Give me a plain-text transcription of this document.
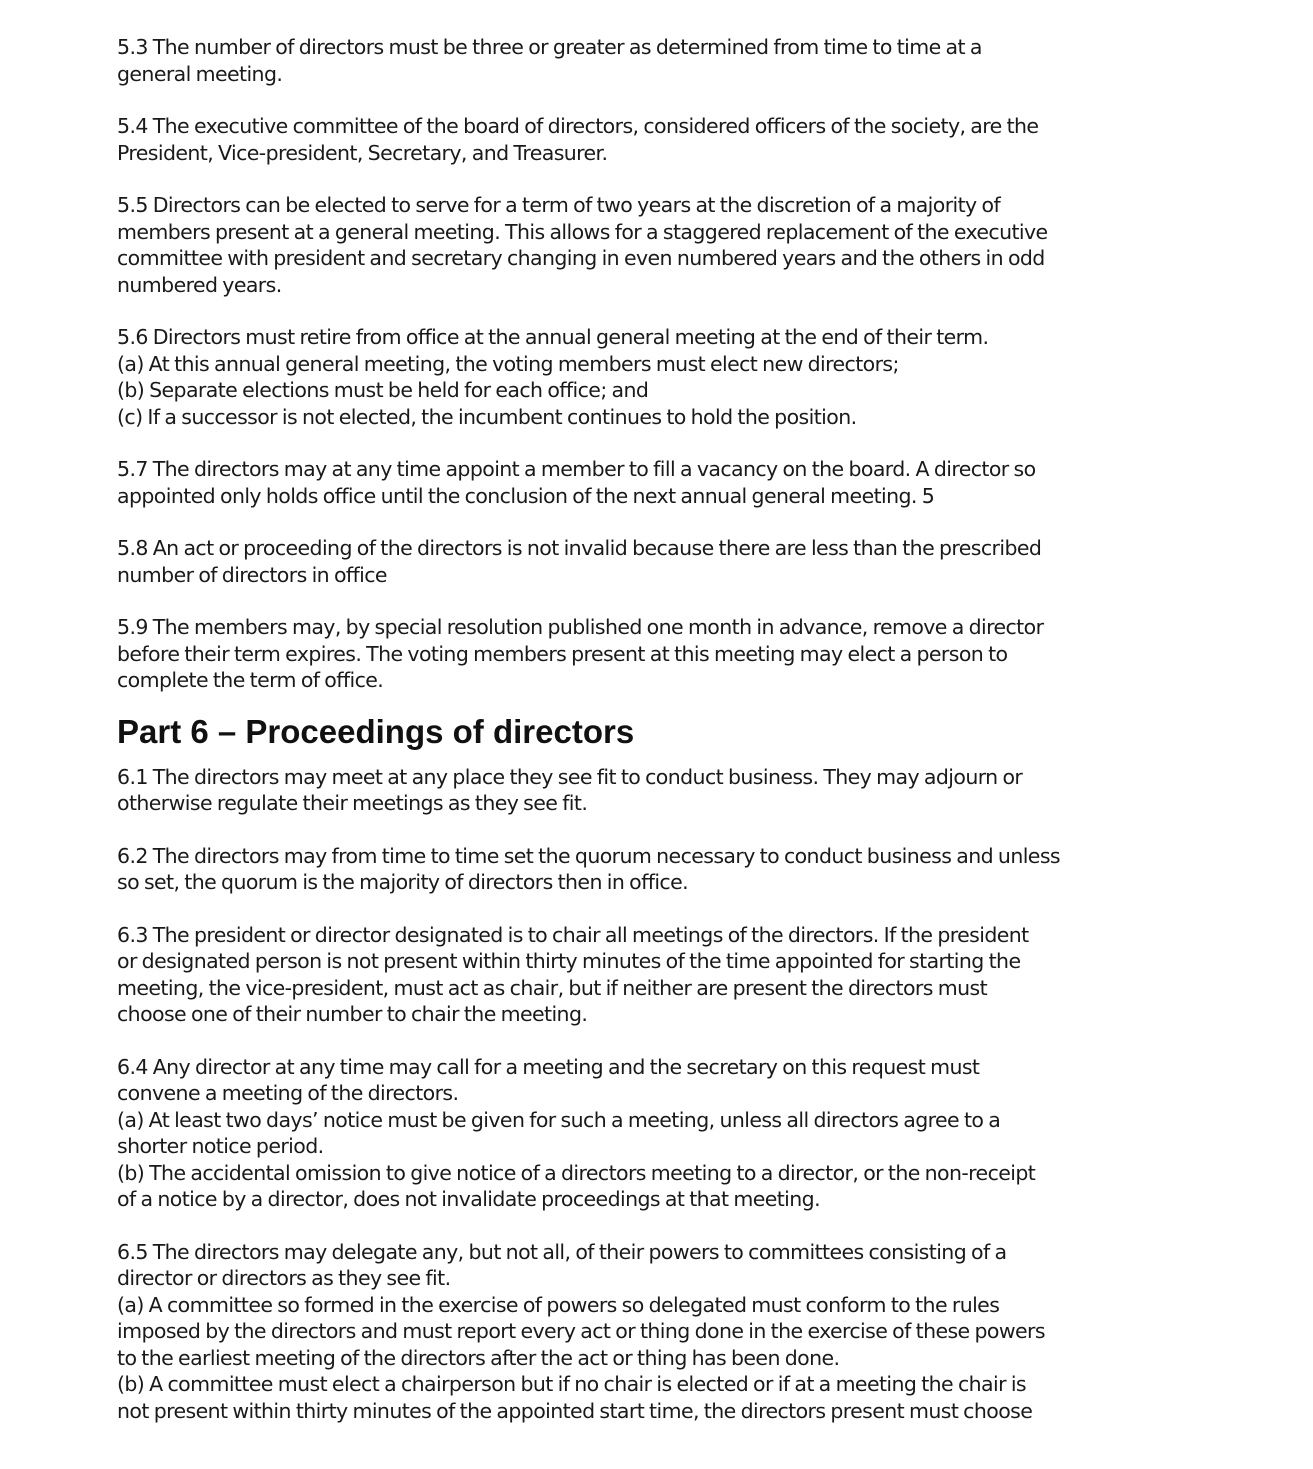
5.3 The number of directors must be three or greater as determined from time to time at a
general meeting.

5.4 The executive committee of the board of directors, considered officers of the society, are the
President, Vice-president, Secretary, and Treasurer.

5.5 Directors can be elected to serve for a term of two years at the discretion of a majority of
members present at a general meeting. This allows for a staggered replacement of the executive
committee with president and secretary changing in even numbered years and the others in odd
numbered years.

5.6 Directors must retire from office at the annual general meeting at the end of their term.
(a) At this annual general meeting, the voting members must elect new directors;
(b) Separate elections must be held for each office; and
(c) If a successor is not elected, the incumbent continues to hold the position.

5.7 The directors may at any time appoint a member to fill a vacancy on the board. A director so
appointed only holds office until the conclusion of the next annual general meeting. 5

5.8 An act or proceeding of the directors is not invalid because there are less than the prescribed
number of directors in office

5.9 The members may, by special resolution published one month in advance, remove a director
before their term expires. The voting members present at this meeting may elect a person to
complete the term of office.

Part 6 – Proceedings of directors

6.1 The directors may meet at any place they see fit to conduct business. They may adjourn or
otherwise regulate their meetings as they see fit.

6.2 The directors may from time to time set the quorum necessary to conduct business and unless
so set, the quorum is the majority of directors then in office.

6.3 The president or director designated is to chair all meetings of the directors. If the president
or designated person is not present within thirty minutes of the time appointed for starting the
meeting, the vice-president, must act as chair, but if neither are present the directors must
choose one of their number to chair the meeting.

6.4 Any director at any time may call for a meeting and the secretary on this request must
convene a meeting of the directors.
(a) At least two days’ notice must be given for such a meeting, unless all directors agree to a
shorter notice period.
(b) The accidental omission to give notice of a directors meeting to a director, or the non-receipt
of a notice by a director, does not invalidate proceedings at that meeting.

6.5 The directors may delegate any, but not all, of their powers to committees consisting of a
director or directors as they see fit.
(a) A committee so formed in the exercise of powers so delegated must conform to the rules
imposed by the directors and must report every act or thing done in the exercise of these powers
to the earliest meeting of the directors after the act or thing has been done.
(b) A committee must elect a chairperson but if no chair is elected or if at a meeting the chair is
not present within thirty minutes of the appointed start time, the directors present must choose
